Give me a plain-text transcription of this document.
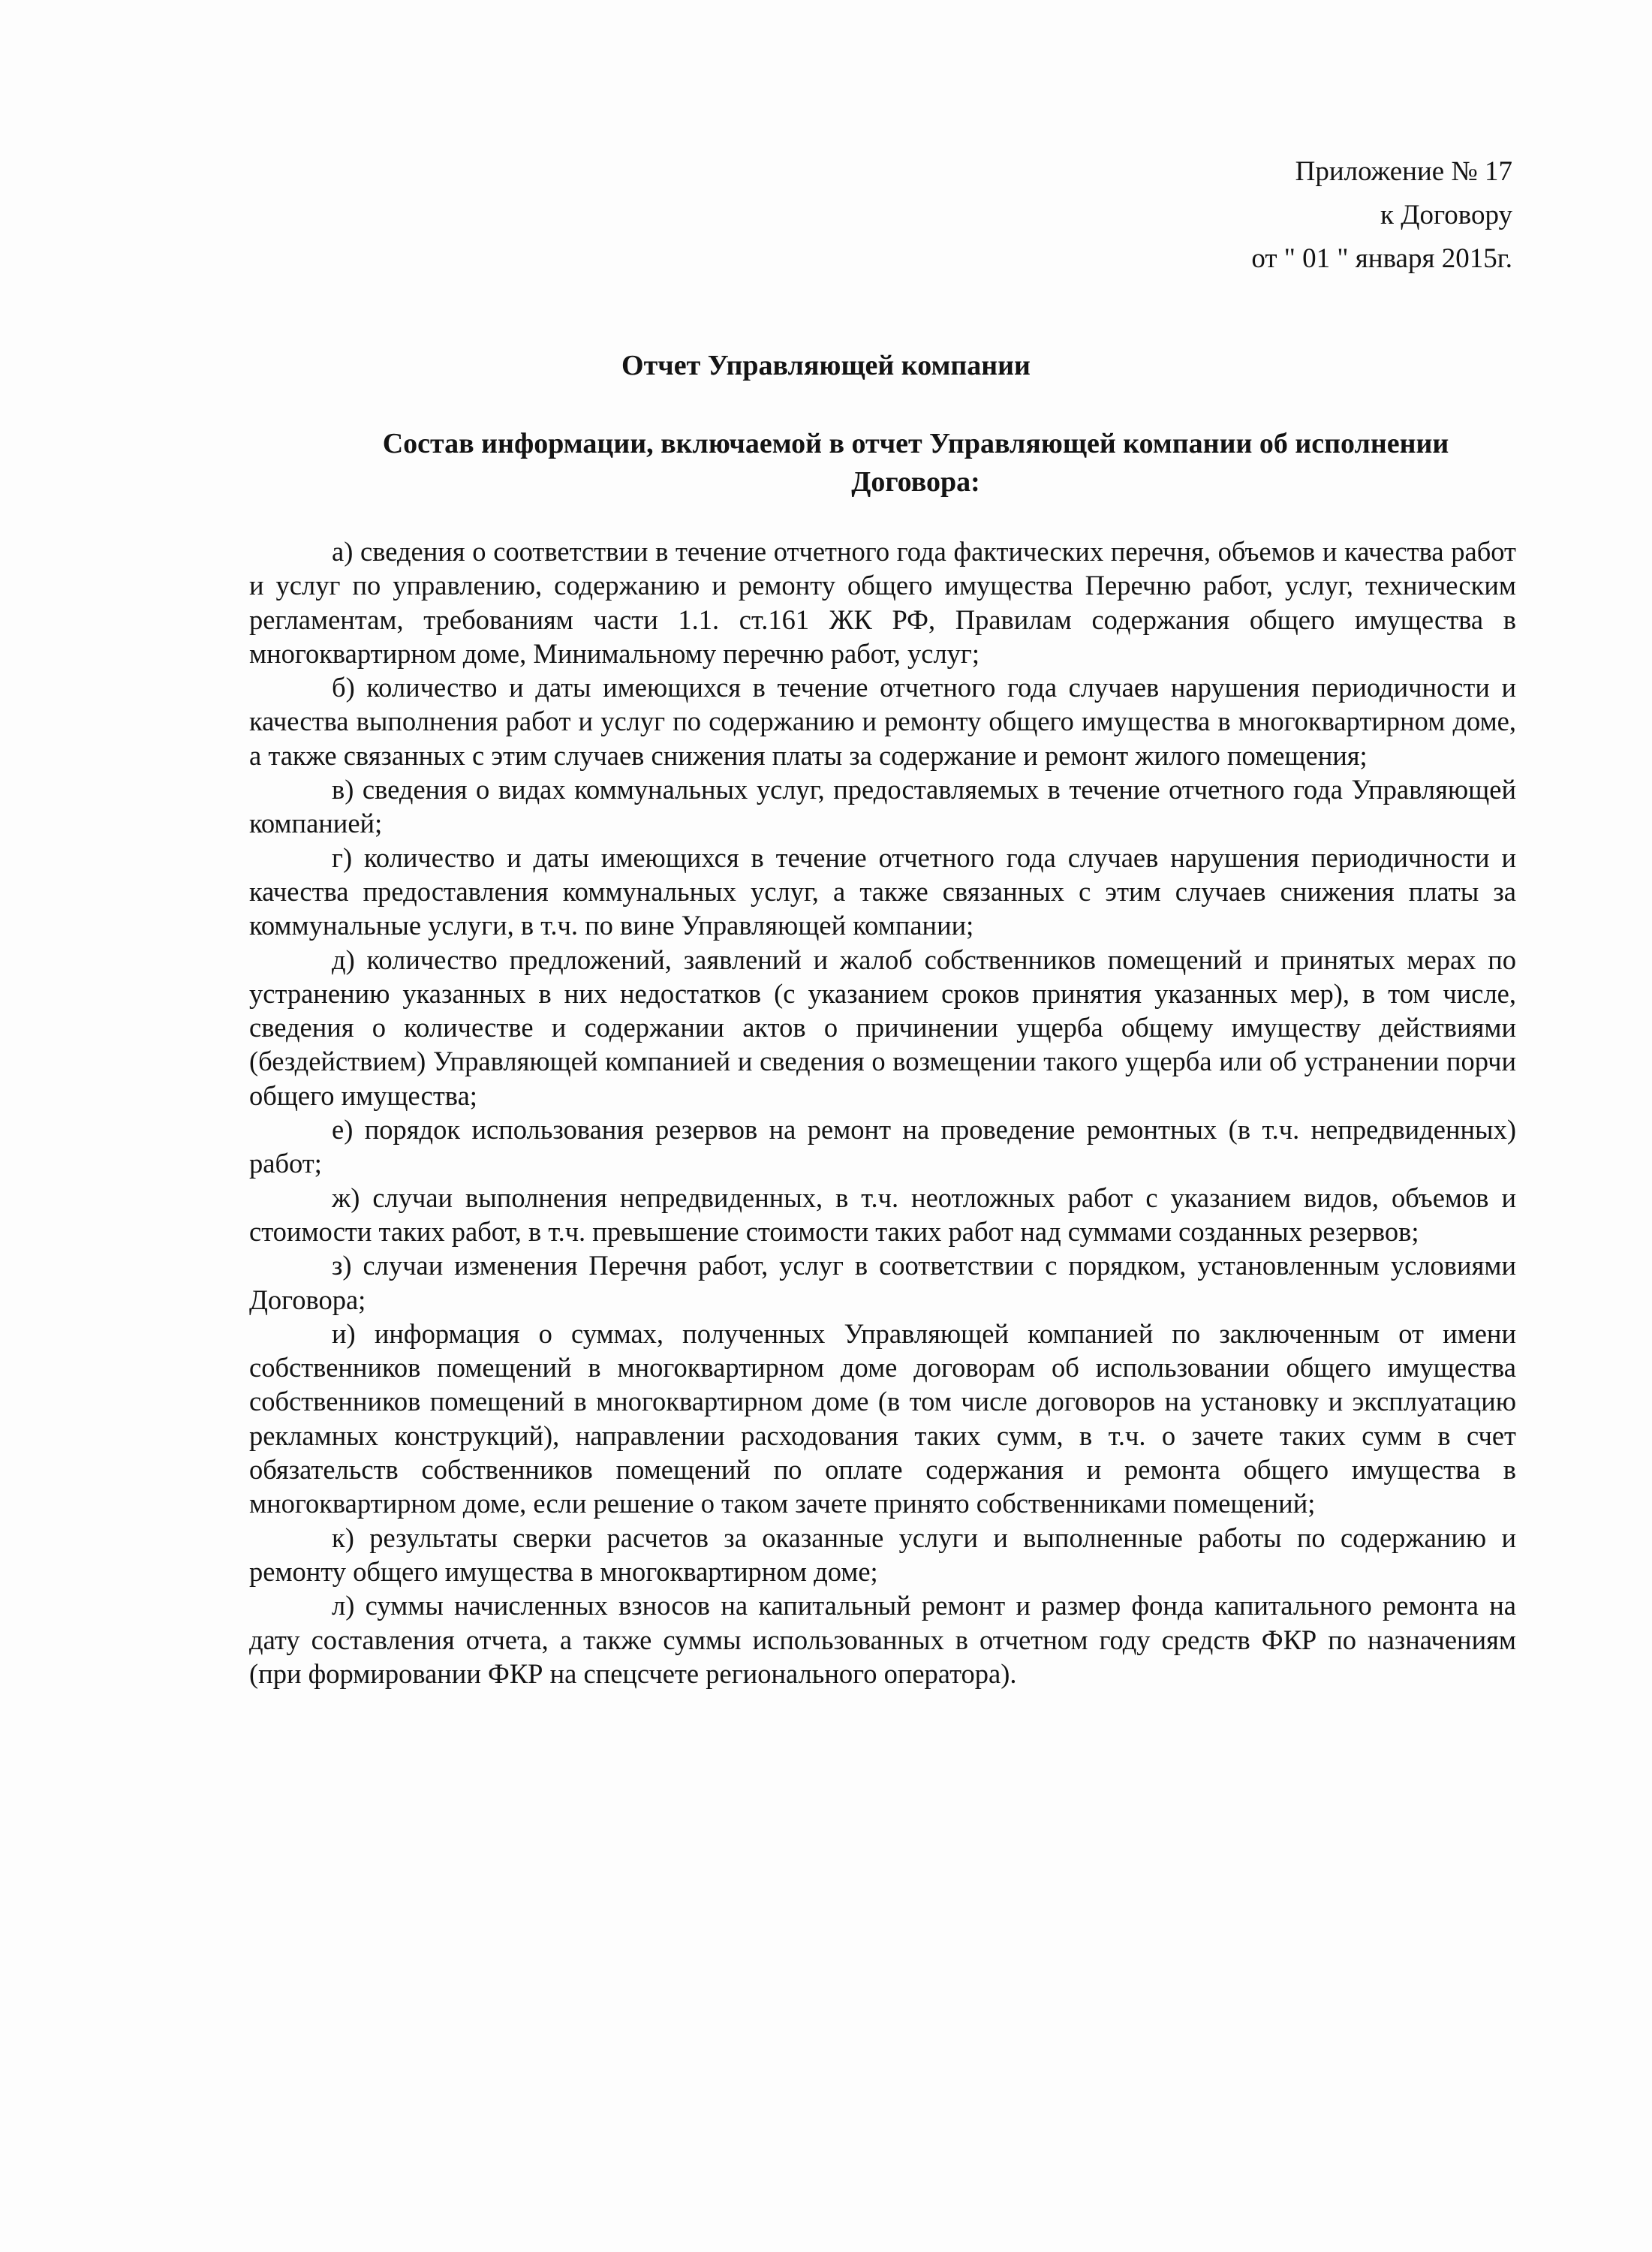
Приложение № 17
к Договору
от " 01 " января 2015г.
Отчет Управляющей компании
Состав информации, включаемой в отчет Управляющей компании об исполнении Договора:

а) сведения о соответствии в течение отчетного года фактических перечня, объемов и качества работ и услуг по управлению, содержанию и ремонту общего имущества Перечню работ, услуг, техническим регламентам, требованиям части 1.1. ст.161 ЖК РФ, Правилам содержания общего имущества в многоквартирном доме, Минимальному перечню работ, услуг;

б) количество и даты имеющихся в течение отчетного года случаев нарушения периодичности и качества выполнения работ и услуг по содержанию и ремонту общего имущества в многоквартирном доме, а также связанных с этим случаев снижения платы за содержание и ремонт жилого помещения;

в) сведения о видах коммунальных услуг, предоставляемых в течение отчетного года Управляющей компанией;

г) количество и даты имеющихся в течение отчетного года случаев нарушения периодичности и качества предоставления коммунальных услуг, а также связанных с этим случаев снижения платы за коммунальные услуги, в т.ч. по вине Управляющей компании;

д) количество предложений, заявлений и жалоб собственников помещений и принятых мерах по устранению указанных в них недостатков (с указанием сроков принятия указанных мер), в том числе, сведения о количестве и содержании актов о причинении ущерба общему имуществу действиями (бездействием) Управляющей компанией и сведения о возмещении такого ущерба или об устранении порчи общего имущества;

е) порядок использования резервов на ремонт на проведение ремонтных (в т.ч. непредвиденных) работ;

ж) случаи выполнения непредвиденных, в т.ч. неотложных работ с указанием видов, объемов и стоимости таких работ, в т.ч. превышение стоимости таких работ над суммами созданных резервов;

з) случаи изменения Перечня работ, услуг в соответствии с порядком, установленным условиями Договора;

и) информация о суммах, полученных Управляющей компанией по заключенным от имени собственников помещений в многоквартирном доме договорам об использовании общего имущества собственников помещений в многоквартирном доме (в том числе договоров на установку и эксплуатацию рекламных конструкций), направлении расходования таких сумм, в т.ч. о зачете таких сумм в счет обязательств собственников помещений по оплате содержания и ремонта общего имущества в многоквартирном доме, если решение о таком зачете принято собственниками помещений;

к) результаты сверки расчетов за оказанные услуги и выполненные работы по содержанию и ремонту общего имущества в многоквартирном доме;

л) суммы начисленных взносов на капитальный ремонт и размер фонда капитального ремонта на дату составления отчета, а также суммы использованных в отчетном году средств ФКР по назначениям (при формировании ФКР на спецсчете регионального оператора).
